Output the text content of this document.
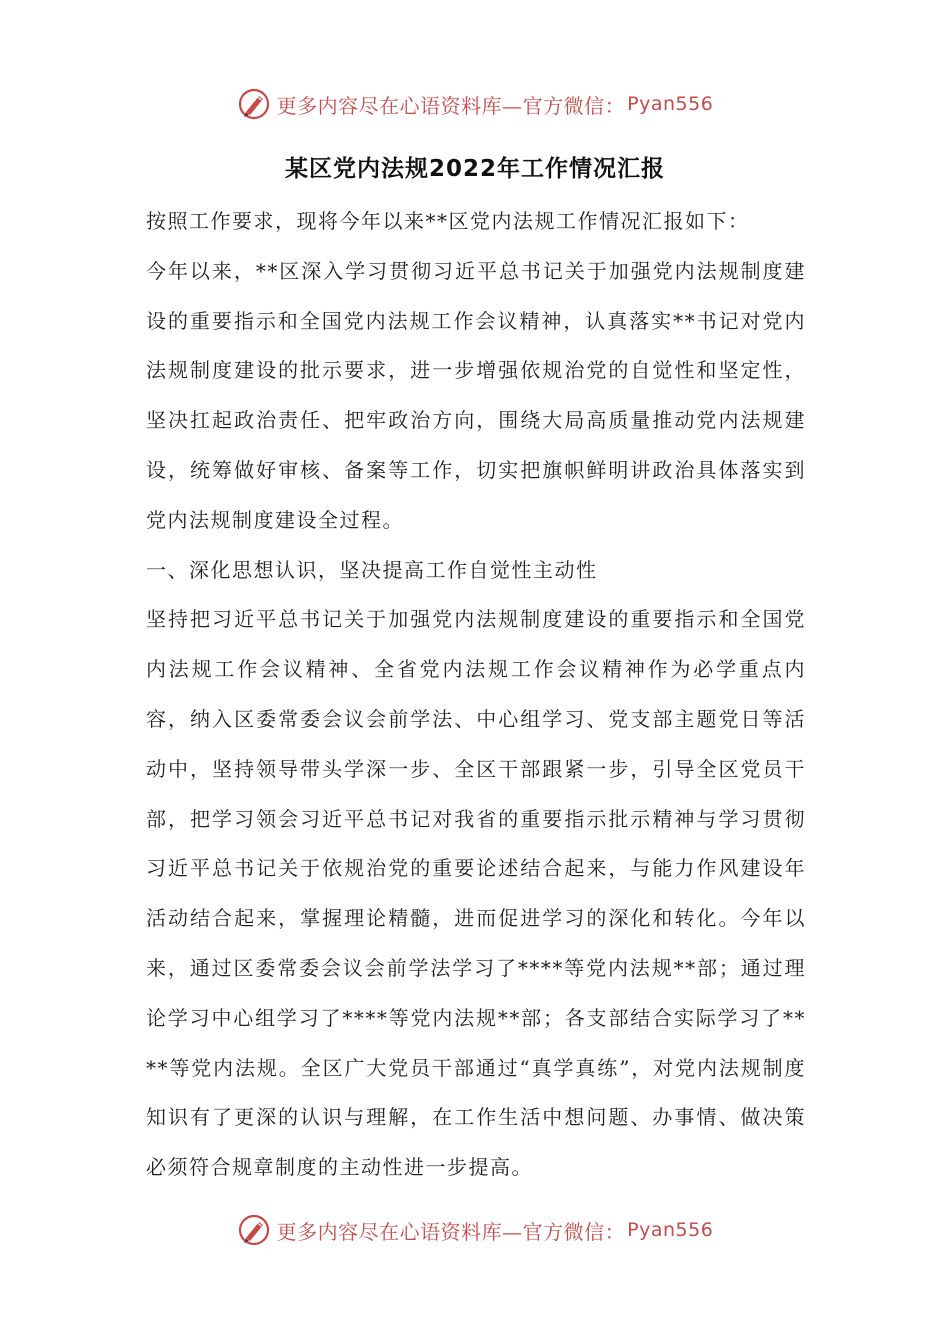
更多内容尽在心语资料库—官方微信： Pyan556
某区党内法规2022年工作情况汇报

按照工作要求，现将今年以来**区党内法规工作情况汇报如下：

今年以来，**区深入学习贯彻习近平总书记关于加强党内法规制度建设的重要指示和全国党内法规工作会议精神，认真落实**书记对党内法规制度建设的批示要求，进一步增强依规治党的自觉性和坚定性，坚决扛起政治责任、把牢政治方向，围绕大局高质量推动党内法规建设，统筹做好审核、备案等工作，切实把旗帜鲜明讲政治具体落实到党内法规制度建设全过程。

一、深化思想认识，坚决提高工作自觉性主动性

坚持把习近平总书记关于加强党内法规制度建设的重要指示和全国党内法规工作会议精神、全省党内法规工作会议精神作为必学重点内容，纳入区委常委会议会前学法、中心组学习、党支部主题党日等活动中，坚持领导带头学深一步、全区干部跟紧一步，引导全区党员干部，把学习领会习近平总书记对我省的重要指示批示精神与学习贯彻习近平总书记关于依规治党的重要论述结合起来，与能力作风建设年活动结合起来，掌握理论精髓，进而促进学习的深化和转化。今年以来，通过区委常委会议会前学法学习了****等党内法规**部；通过理论学习中心组学习了****等党内法规**部；各支部结合实际学习了****等党内法规。全区广大党员干部通过“真学真练”，对党内法规制度知识有了更深的认识与理解，在工作生活中想问题、办事情、做决策必须符合规章制度的主动性进一步提高。

更多内容尽在心语资料库—官方微信： Pyan556
